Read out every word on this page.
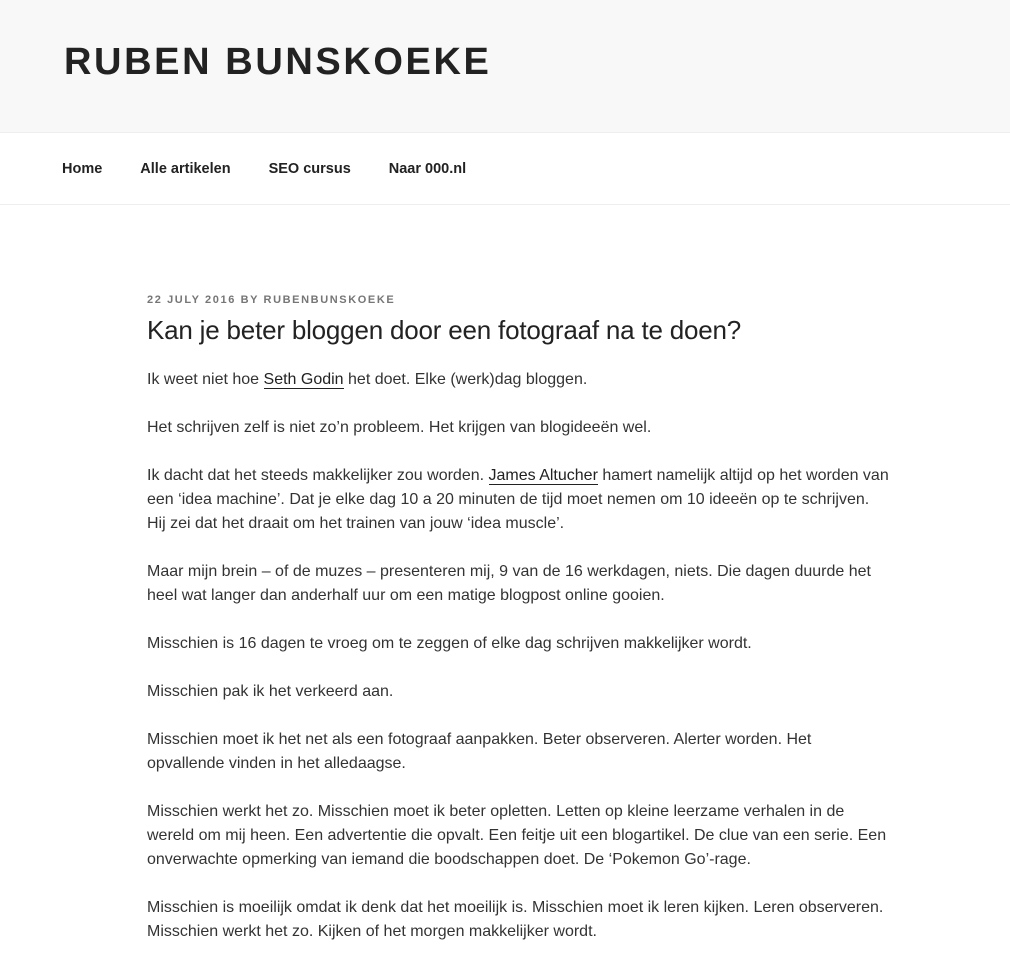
RUBEN BUNSKOEKE
Home	Alle artikelen	SEO cursus	Naar 000.nl
22 JULY 2016 BY RUBENBUNSKOEKE
Kan je beter bloggen door een fotograaf na te doen?

Ik weet niet hoe Seth Godin het doet. Elke (werk)dag bloggen.

Het schrijven zelf is niet zo’n probleem. Het krijgen van blogideeën wel.

Ik dacht dat het steeds makkelijker zou worden. James Altucher hamert namelijk altijd op het worden van een ‘idea machine’. Dat je elke dag 10 a 20 minuten de tijd moet nemen om 10 ideeën op te schrijven. Hij zei dat het draait om het trainen van jouw ‘idea muscle’.

Maar mijn brein – of de muzes – presenteren mij, 9 van de 16 werkdagen, niets. Die dagen duurde het heel wat langer dan anderhalf uur om een matige blogpost online gooien.

Misschien is 16 dagen te vroeg om te zeggen of elke dag schrijven makkelijker wordt.

Misschien pak ik het verkeerd aan.

Misschien moet ik het net als een fotograaf aanpakken. Beter observeren. Alerter worden. Het opvallende vinden in het alledaagse.

Misschien werkt het zo. Misschien moet ik beter opletten. Letten op kleine leerzame verhalen in de wereld om mij heen. Een advertentie die opvalt. Een feitje uit een blogartikel. De clue van een serie. Een onverwachte opmerking van iemand die boodschappen doet. De ‘Pokemon Go’-rage.

Misschien is moeilijk omdat ik denk dat het moeilijk is. Misschien moet ik leren kijken. Leren observeren. Misschien werkt het zo. Kijken of het morgen makkelijker wordt.
